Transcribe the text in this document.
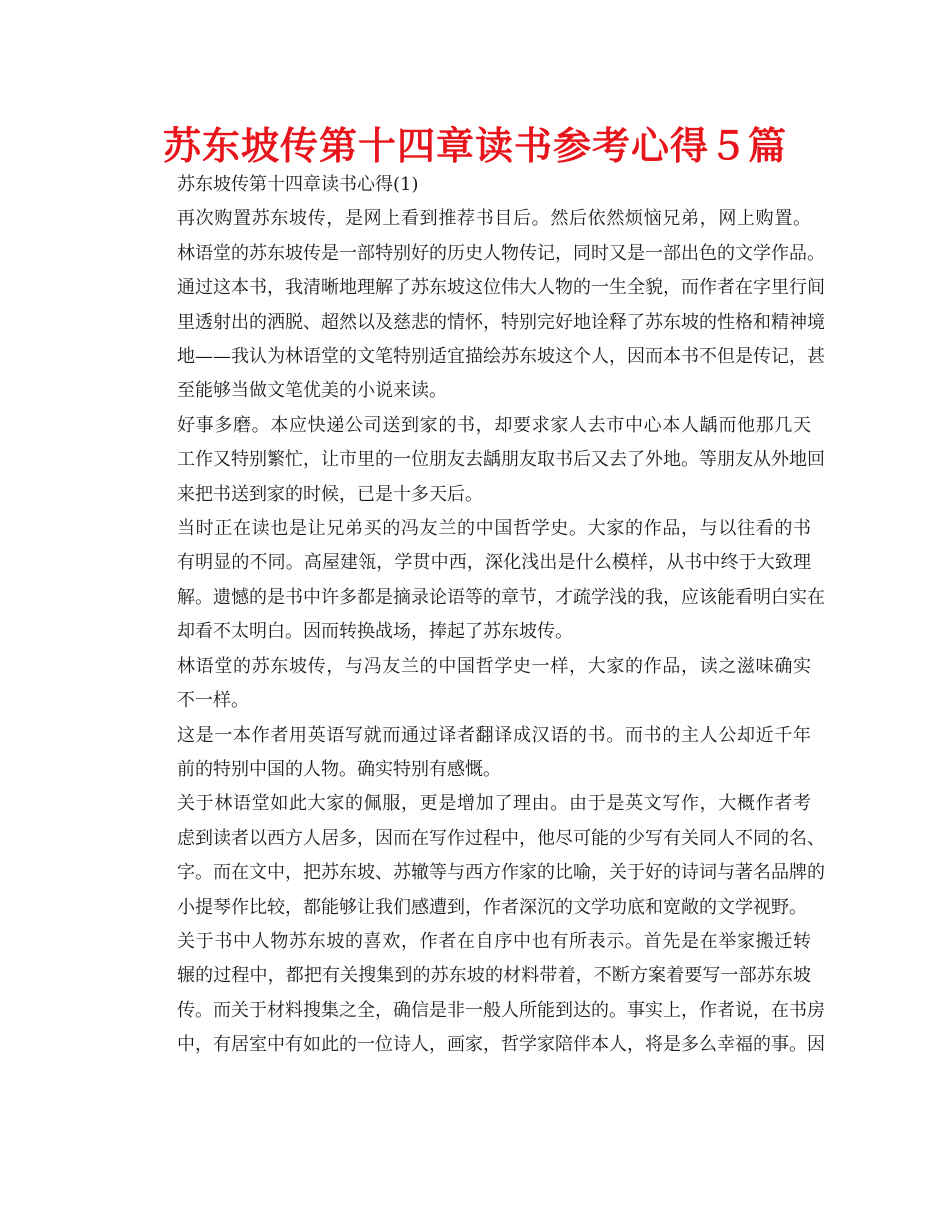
苏东坡传第十四章读书参考心得５篇

苏东坡传第十四章读书心得(1)

再次购置苏东坡传，是网上看到推荐书目后。然后依然烦恼兄弟，网上购置。
林语堂的苏东坡传是一部特别好的历史人物传记，同时又是一部出色的文学作品。
通过这本书，我清晰地理解了苏东坡这位伟大人物的一生全貌，而作者在字里行间
里透射出的洒脱、超然以及慈悲的情怀，特别完好地诠释了苏东坡的性格和精神境
地——我认为林语堂的文笔特别适宜描绘苏东坡这个人，因而本书不但是传记，甚
至能够当做文笔优美的小说来读。

好事多磨。本应快递公司送到家的书，却要求家人去市中心本人龋而他那几天
工作又特别繁忙，让市里的一位朋友去龋朋友取书后又去了外地。等朋友从外地回
来把书送到家的时候，已是十多天后。

当时正在读也是让兄弟买的冯友兰的中国哲学史。大家的作品，与以往看的书
有明显的不同。高屋建瓴，学贯中西，深化浅出是什么模样，从书中终于大致理
解。遗憾的是书中许多都是摘录论语等的章节，才疏学浅的我，应该能看明白实在
却看不太明白。因而转换战场，捧起了苏东坡传。

林语堂的苏东坡传，与冯友兰的中国哲学史一样，大家的作品，读之滋味确实
不一样。

这是一本作者用英语写就而通过译者翻译成汉语的书。而书的主人公却近千年
前的特别中国的人物。确实特别有感慨。

关于林语堂如此大家的佩服，更是增加了理由。由于是英文写作，大概作者考
虑到读者以西方人居多，因而在写作过程中，他尽可能的少写有关同人不同的名、
字。而在文中，把苏东坡、苏辙等与西方作家的比喻，关于好的诗词与著名品牌的
小提琴作比较，都能够让我们感遭到，作者深沉的文学功底和宽敞的文学视野。

关于书中人物苏东坡的喜欢，作者在自序中也有所表示。首先是在举家搬迁转
辗的过程中，都把有关搜集到的苏东坡的材料带着，不断方案着要写一部苏东坡
传。而关于材料搜集之全，确信是非一般人所能到达的。事实上，作者说，在书房
中，有居室中有如此的一位诗人，画家，哲学家陪伴本人，将是多么幸福的事。因
